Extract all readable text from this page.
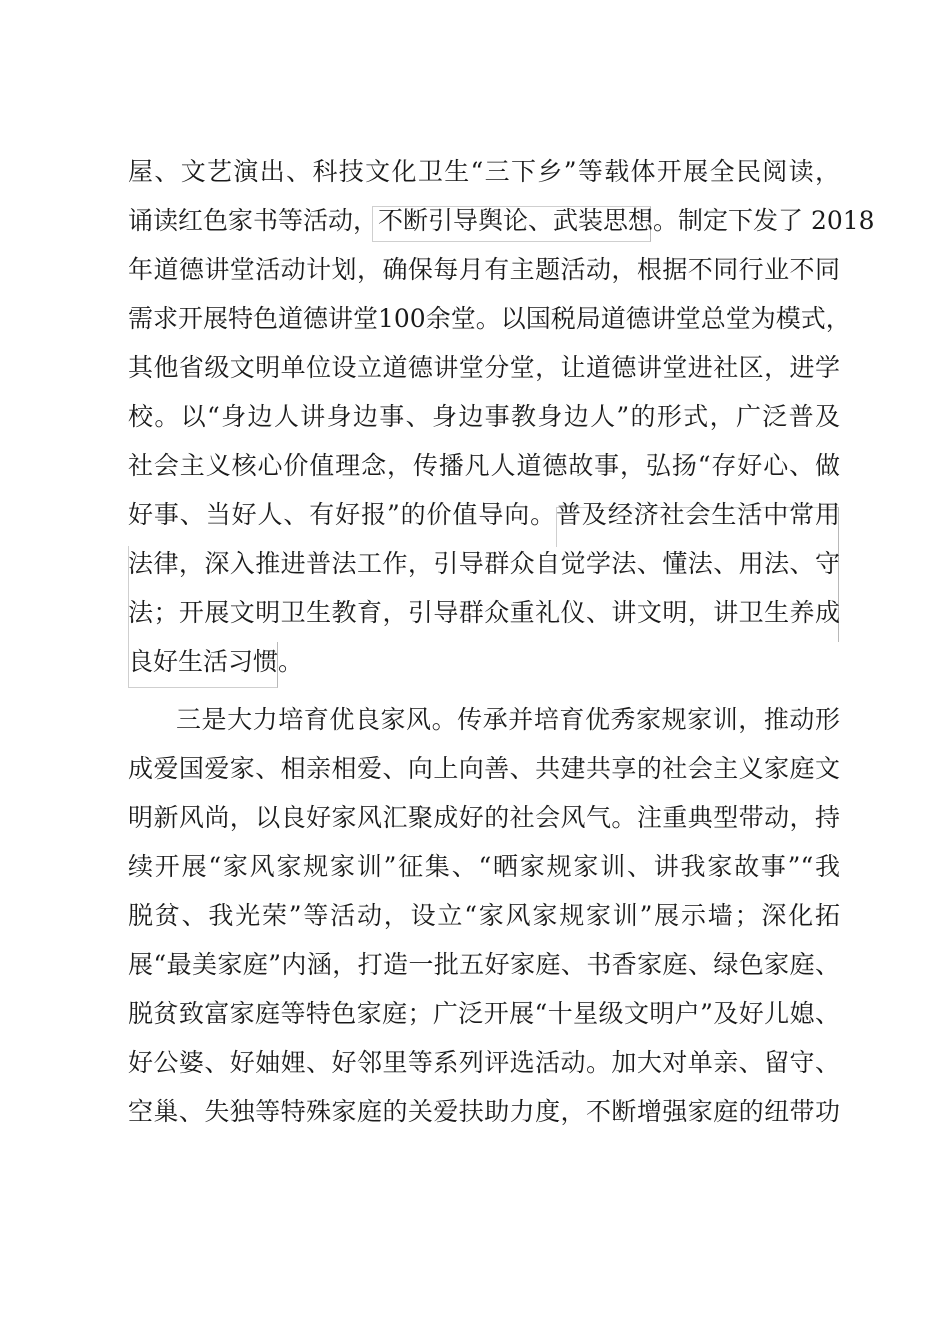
屋、文艺演出、科技文化卫生“三下乡”等载体开展全民阅读，
诵读红色家书等活动，不断引导舆论、武装思想。制定下发了 2018
年道德讲堂活动计划，确保每月有主题活动，根据不同行业不同
需求开展特色道德讲堂100余堂。以国税局道德讲堂总堂为模式，
其他省级文明单位设立道德讲堂分堂，让道德讲堂进社区，进学
校。以“身边人讲身边事、身边事教身边人”的形式，广泛普及
社会主义核心价值理念，传播凡人道德故事，弘扬“存好心、做
好事、当好人、有好报”的价值导向。普及经济社会生活中常用
法律，深入推进普法工作，引导群众自觉学法、懂法、用法、守
法；开展文明卫生教育，引导群众重礼仪、讲文明，讲卫生养成
良好生活习惯。
三是大力培育优良家风。传承并培育优秀家规家训，推动形
成爱国爱家、相亲相爱、向上向善、共建共享的社会主义家庭文
明新风尚，以良好家风汇聚成好的社会风气。注重典型带动，持
续开展“家风家规家训”征集、“晒家规家训、讲我家故事”“我
脱贫、我光荣”等活动，设立“家风家规家训”展示墙；深化拓
展“最美家庭”内涵，打造一批五好家庭、书香家庭、绿色家庭、
脱贫致富家庭等特色家庭；广泛开展“十星级文明户”及好儿媳、
好公婆、好妯娌、好邻里等系列评选活动。加大对单亲、留守、
空巢、失独等特殊家庭的关爱扶助力度，不断增强家庭的纽带功
